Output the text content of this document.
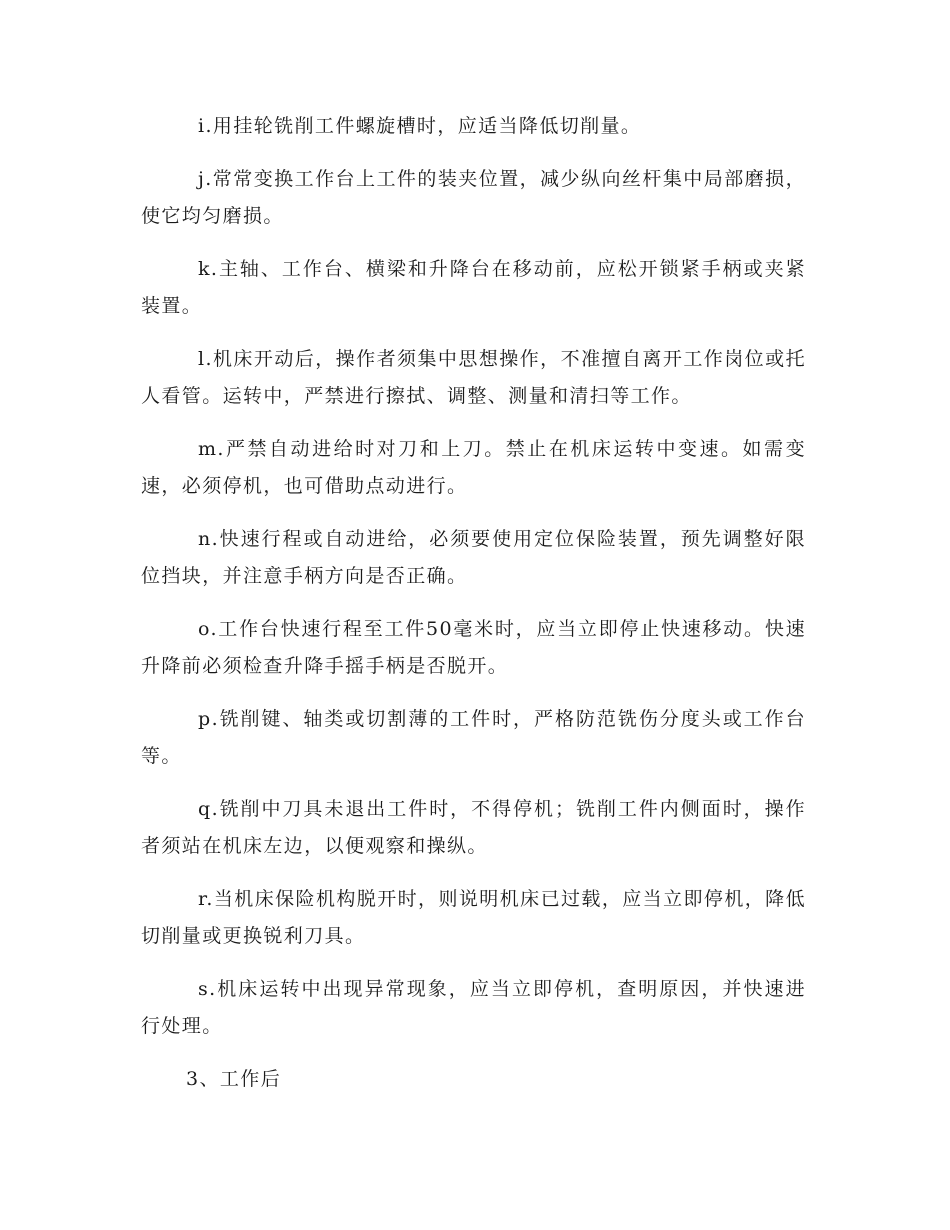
i.用挂轮铣削工件螺旋槽时，应适当降低切削量。

j.常常变换工作台上工件的装夹位置，减少纵向丝杆集中局部磨损，使它均匀磨损。

k.主轴、工作台、横梁和升降台在移动前，应松开锁紧手柄或夹紧装置。

l.机床开动后，操作者须集中思想操作，不准擅自离开工作岗位或托人看管。运转中，严禁进行擦拭、调整、测量和清扫等工作。

m.严禁自动进给时对刀和上刀。禁止在机床运转中变速。如需变速，必须停机，也可借助点动进行。

n.快速行程或自动进给，必须要使用定位保险装置，预先调整好限位挡块，并注意手柄方向是否正确。

o.工作台快速行程至工件50毫米时，应当立即停止快速移动。快速升降前必须检查升降手摇手柄是否脱开。

p.铣削键、轴类或切割薄的工件时，严格防范铣伤分度头或工作台等。

q.铣削中刀具未退出工件时，不得停机；铣削工件内侧面时，操作者须站在机床左边，以便观察和操纵。

r.当机床保险机构脱开时，则说明机床已过载，应当立即停机，降低切削量或更换锐利刀具。

s.机床运转中出现异常现象，应当立即停机，查明原因，并快速进行处理。

3、工作后
